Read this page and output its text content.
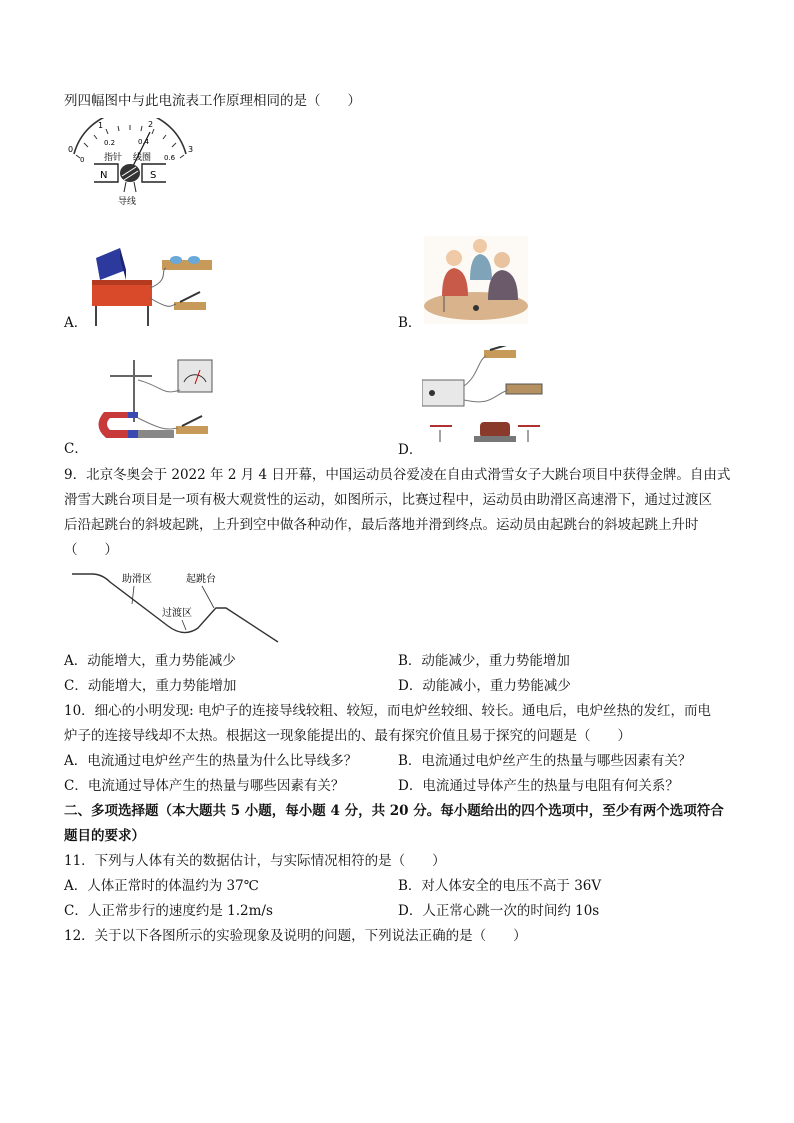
列四幅图中与此电流表工作原理相同的是（　　）
0
1	2
3
0
0.2	0.4
0.6
指针 线圈
N	S
导线
A．	B．
C．	D．
9．北京冬奥会于 2022 年 2 月 4 日开幕，中国运动员谷爱凌在自由式滑雪女子大跳台项目中获得金牌。自由式
滑雪大跳台项目是一项有极大观赏性的运动，如图所示，比赛过程中，运动员由助滑区高速滑下，通过过渡区
后沿起跳台的斜坡起跳，上升到空中做各种动作，最后落地并滑到终点。运动员由起跳台的斜坡起跳上升时
（　　）
助滑区	起跳台
过渡区
A．动能增大，重力势能减少	B．动能减少，重力势能增加
C．动能增大，重力势能增加	D．动能减小，重力势能减少
10．细心的小明发现: 电炉子的连接导线较粗、较短，而电炉丝较细、较长。通电后，电炉丝热的发红，而电
炉子的连接导线却不太热。根据这一现象能提出的、最有探究价值且易于探究的问题是（　　）
A．电流通过电炉丝产生的热量为什么比导线多？	B．电流通过电炉丝产生的热量与哪些因素有关？
C．电流通过导体产生的热量与哪些因素有关？	D．电流通过导体产生的热量与电阻有何关系？
二、多项选择题（本大题共 5 小题，每小题 4 分，共 20 分。每小题给出的四个选项中，至少有两个选项符合
题目的要求）
11．下列与人体有关的数据估计，与实际情况相符的是（　　）
A．人体正常时的体温约为 37℃	B．对人体安全的电压不高于 36V
C．人正常步行的速度约是 1.2m/s	D．人正常心跳一次的时间约 10s
12．关于以下各图所示的实验现象及说明的问题，下列说法正确的是（　　）
